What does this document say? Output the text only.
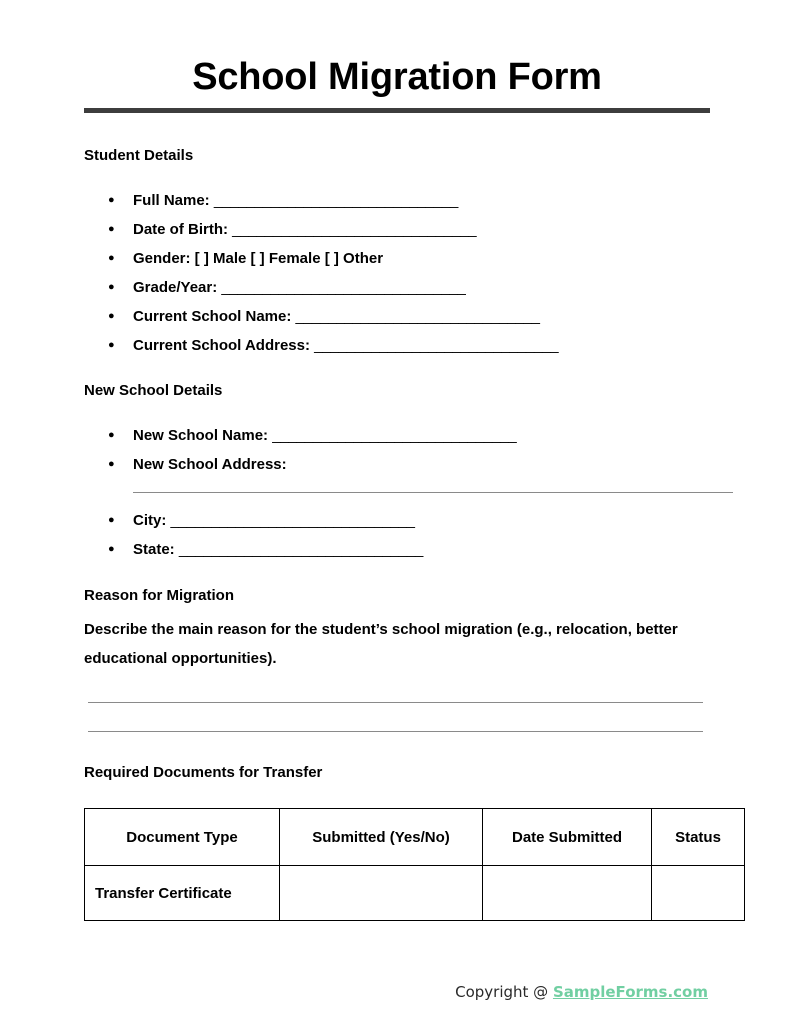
School Migration Form
Student Details
● Full Name: ______________________________
● Date of Birth: ______________________________
● Gender: [ ] Male [ ] Female [ ] Other
● Grade/Year: ______________________________
● Current School Name: ______________________________
● Current School Address: ______________________________
New School Details
● New School Name: ______________________________
● New School Address:
● City: ______________________________
● State: ______________________________
Reason for Migration
Describe the main reason for the student’s school migration (e.g., relocation, better educational opportunities).
Required Documents for Transfer
Document Type	Submitted (Yes/No)	Date Submitted	Status
Transfer Certificate			
Copyright @ SampleForms.com
